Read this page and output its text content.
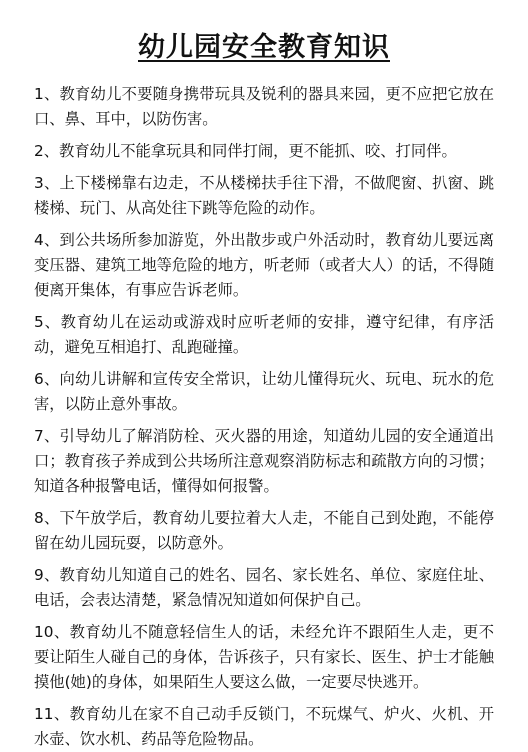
幼儿园安全教育知识
1、教育幼儿不要随身携带玩具及锐利的器具来园，更不应把它放在口、鼻、耳中，以防伤害。
2、教育幼儿不能拿玩具和同伴打闹，更不能抓、咬、打同伴。
3、上下楼梯靠右边走，不从楼梯扶手往下滑，不做爬窗、扒窗、跳楼梯、玩门、从高处往下跳等危险的动作。
4、到公共场所参加游览，外出散步或户外活动时，教育幼儿要远离变压器、建筑工地等危险的地方，听老师（或者大人）的话，不得随便离开集体，有事应告诉老师。
5、教育幼儿在运动或游戏时应听老师的安排，遵守纪律，有序活动，避免互相追打、乱跑碰撞。
6、向幼儿讲解和宣传安全常识，让幼儿懂得玩火、玩电、玩水的危害，以防止意外事故。
7、引导幼儿了解消防栓、灭火器的用途，知道幼儿园的安全通道出口；教育孩子养成到公共场所注意观察消防标志和疏散方向的习惯；知道各种报警电话，懂得如何报警。
8、下午放学后，教育幼儿要拉着大人走，不能自己到处跑，不能停留在幼儿园玩耍，以防意外。
9、教育幼儿知道自己的姓名、园名、家长姓名、单位、家庭住址、电话，会表达清楚，紧急情况知道如何保护自己。
10、教育幼儿不随意轻信生人的话，未经允许不跟陌生人走，更不要让陌生人碰自己的身体，告诉孩子，只有家长、医生、护士才能触摸他(她)的身体，如果陌生人要这么做，一定要尽快逃开。
11、教育幼儿在家不自己动手反锁门，不玩煤气、炉火、火机、开水壶、饮水机、药品等危险物品。
